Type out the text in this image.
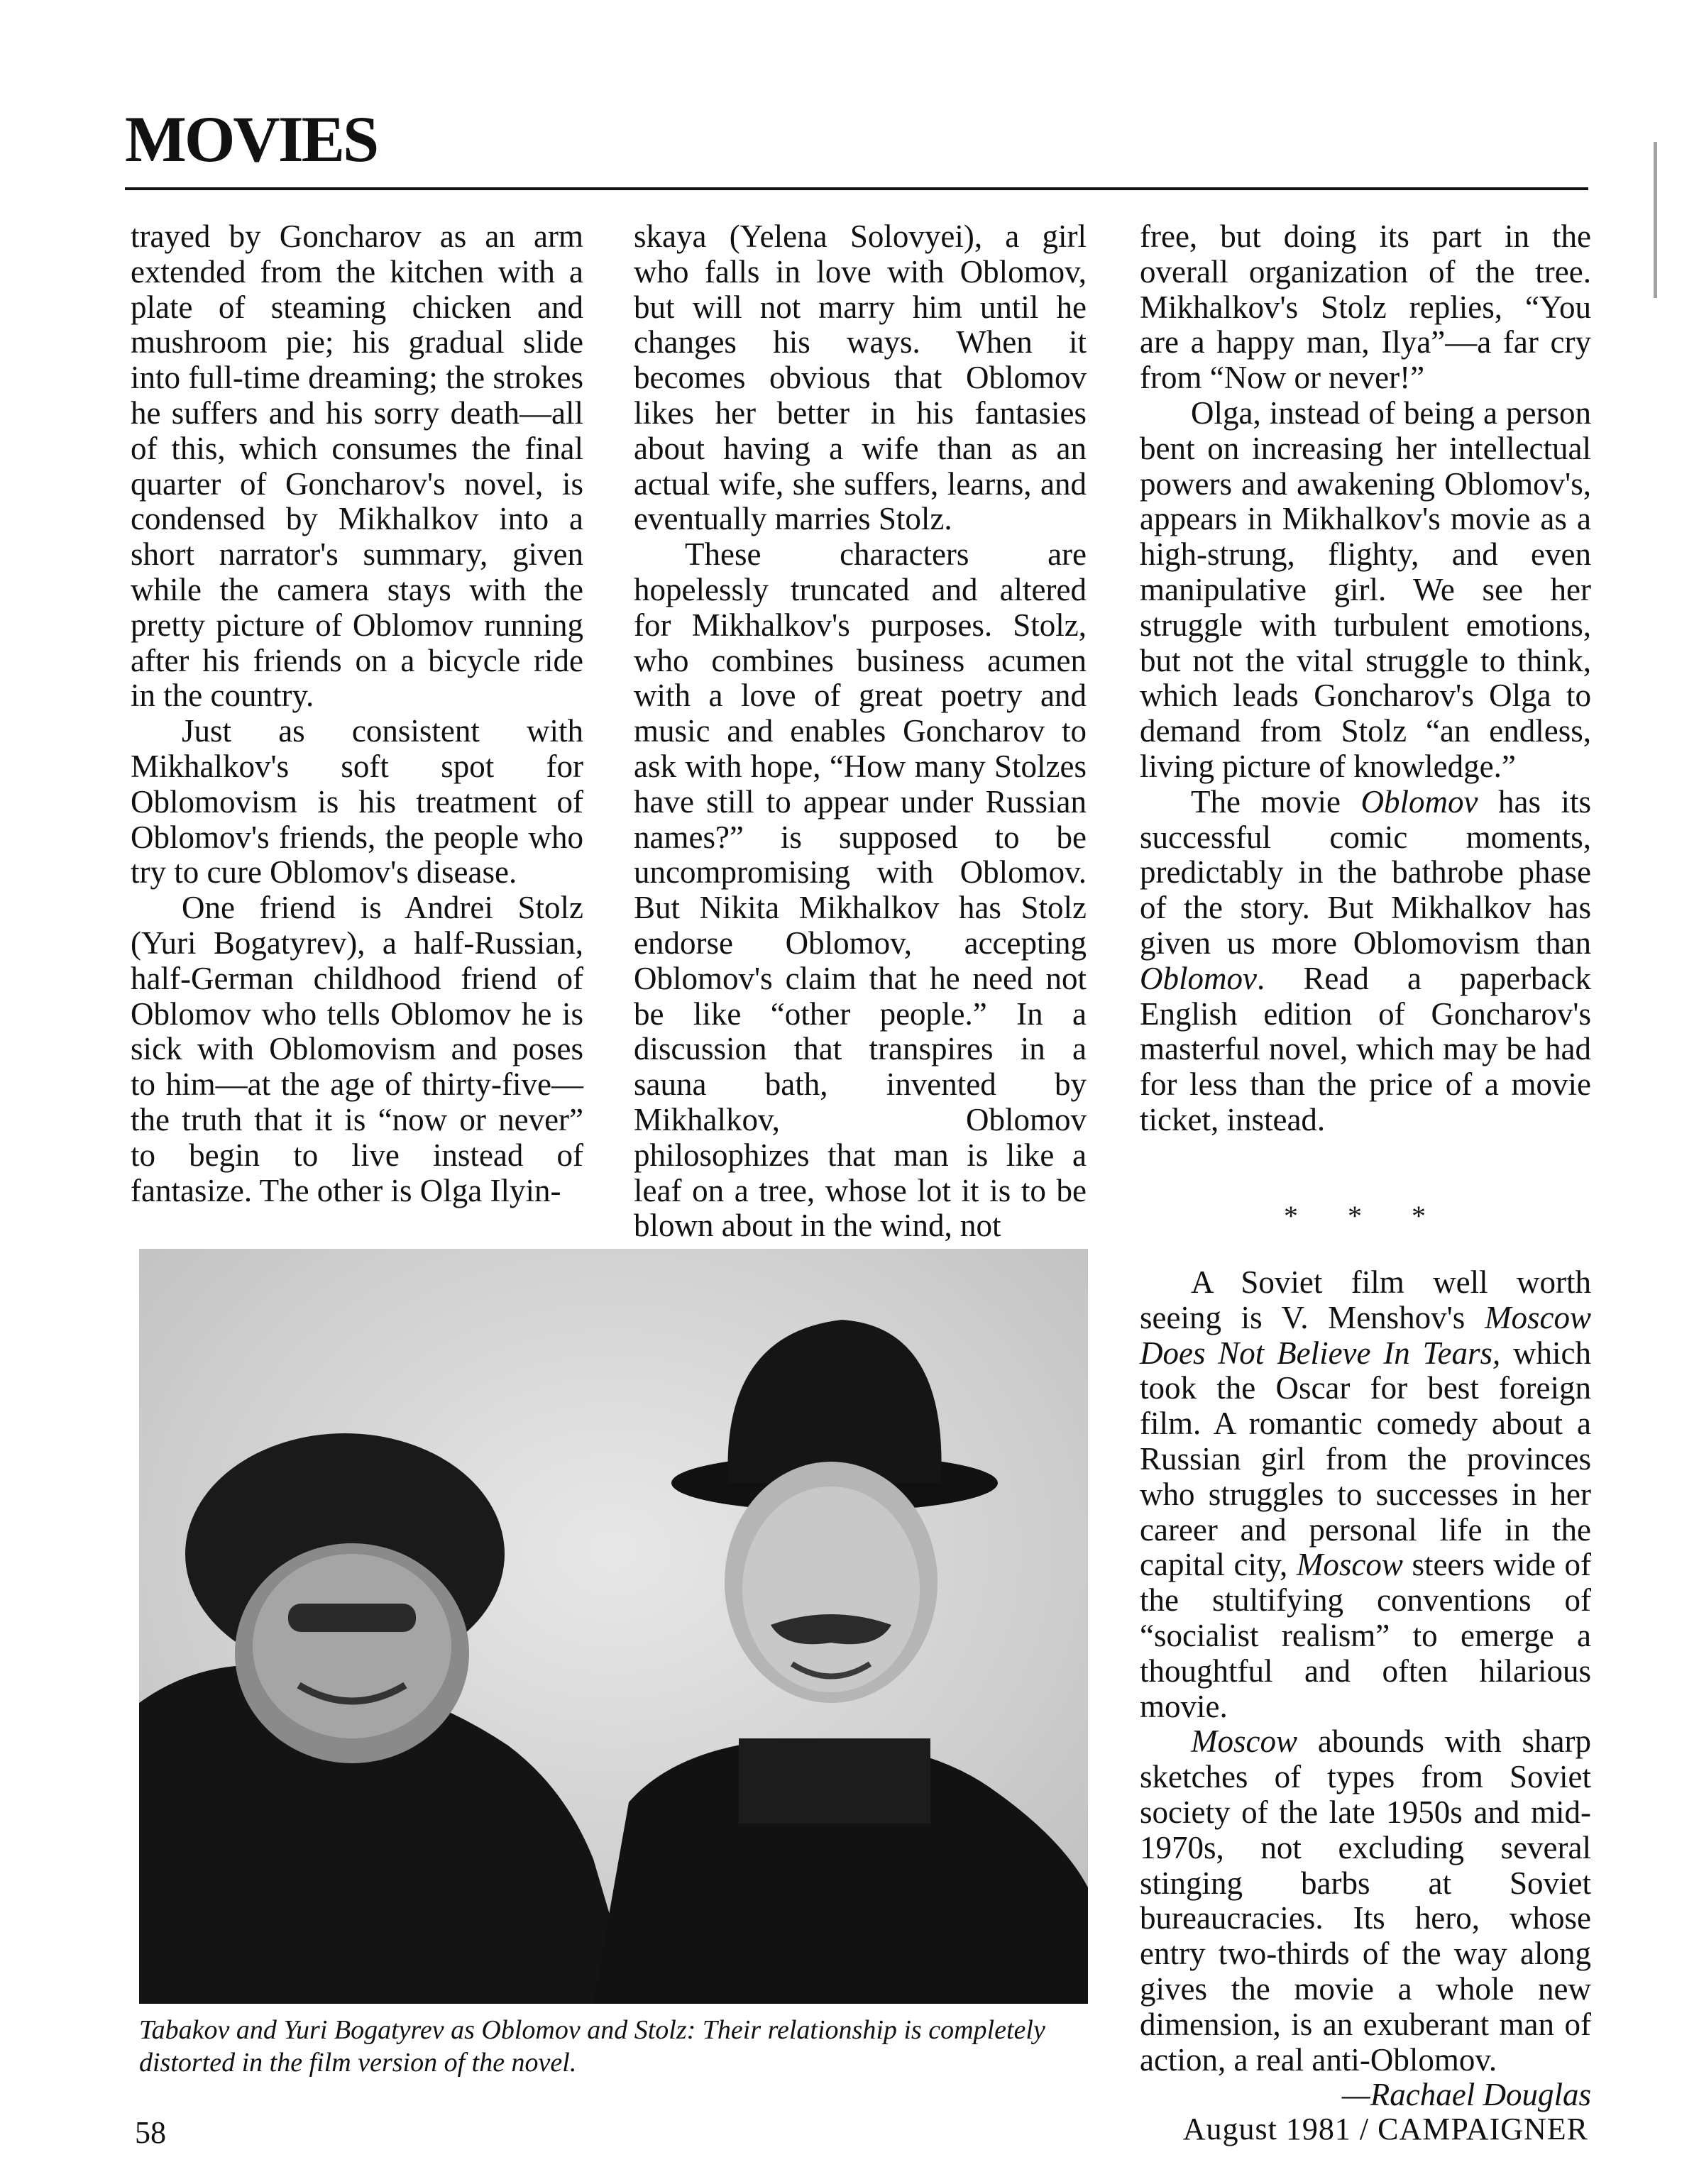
MOVIES

trayed by Goncharov as an arm extended from the kitchen with a plate of steaming chicken and mushroom pie; his gradual slide into full-time dreaming; the strokes he suffers and his sorry death—all of this, which consumes the final quarter of Goncharov's novel, is condensed by Mikhalkov into a short narrator's summary, given while the camera stays with the pretty picture of Oblomov running after his friends on a bicycle ride in the country.

Just as consistent with Mikhalkov's soft spot for Oblomovism is his treatment of Oblomov's friends, the people who try to cure Oblomov's disease.

One friend is Andrei Stolz (Yuri Bogatyrev), a half-Russian, half-German childhood friend of Oblomov who tells Oblomov he is sick with Oblomovism and poses to him—at the age of thirty-five—the truth that it is “now or never” to begin to live instead of fantasize. The other is Olga Ilyin-

skaya (Yelena Solovyei), a girl who falls in love with Oblomov, but will not marry him until he changes his ways. When it becomes obvious that Oblomov likes her better in his fantasies about having a wife than as an actual wife, she suffers, learns, and eventually marries Stolz.

These characters are hopelessly truncated and altered for Mikhalkov's purposes. Stolz, who combines business acumen with a love of great poetry and music and enables Goncharov to ask with hope, “How many Stolzes have still to appear under Russian names?” is supposed to be uncompromising with Oblomov. But Nikita Mikhalkov has Stolz endorse Oblomov, accepting Oblomov's claim that he need not be like “other people.” In a discussion that transpires in a sauna bath, invented by Mikhalkov, Oblomov philosophizes that man is like a leaf on a tree, whose lot it is to be blown about in the wind, not

free, but doing its part in the overall organization of the tree. Mikhalkov's Stolz replies, “You are a happy man, Ilya”—a far cry from “Now or never!”

Olga, instead of being a person bent on increasing her intellectual powers and awakening Oblomov's, appears in Mikhalkov's movie as a high-strung, flighty, and even manipulative girl. We see her struggle with turbulent emotions, but not the vital struggle to think, which leads Goncharov's Olga to demand from Stolz “an endless, living picture of knowledge.”

The movie Oblomov has its successful comic moments, predictably in the bathrobe phase of the story. But Mikhalkov has given us more Oblomovism than Oblomov. Read a paperback English edition of Goncharov's masterful novel, which may be had for less than the price of a movie ticket, instead.

* * *

A Soviet film well worth seeing is V. Menshov's Moscow Does Not Believe In Tears, which took the Oscar for best foreign film. A romantic comedy about a Russian girl from the provinces who struggles to successes in her career and personal life in the capital city, Moscow steers wide of the stultifying conventions of “socialist realism” to emerge a thoughtful and often hilarious movie.

Moscow abounds with sharp sketches of types from Soviet society of the late 1950s and mid-1970s, not excluding several stinging barbs at Soviet bureaucracies. Its hero, whose entry two-thirds of the way along gives the movie a whole new dimension, is an exuberant man of action, a real anti-Oblomov.

—Rachael Douglas

Tabakov and Yuri Bogatyrev as Oblomov and Stolz: Their relationship is completely distorted in the film version of the novel.
58	August 1981 / CAMPAIGNER
